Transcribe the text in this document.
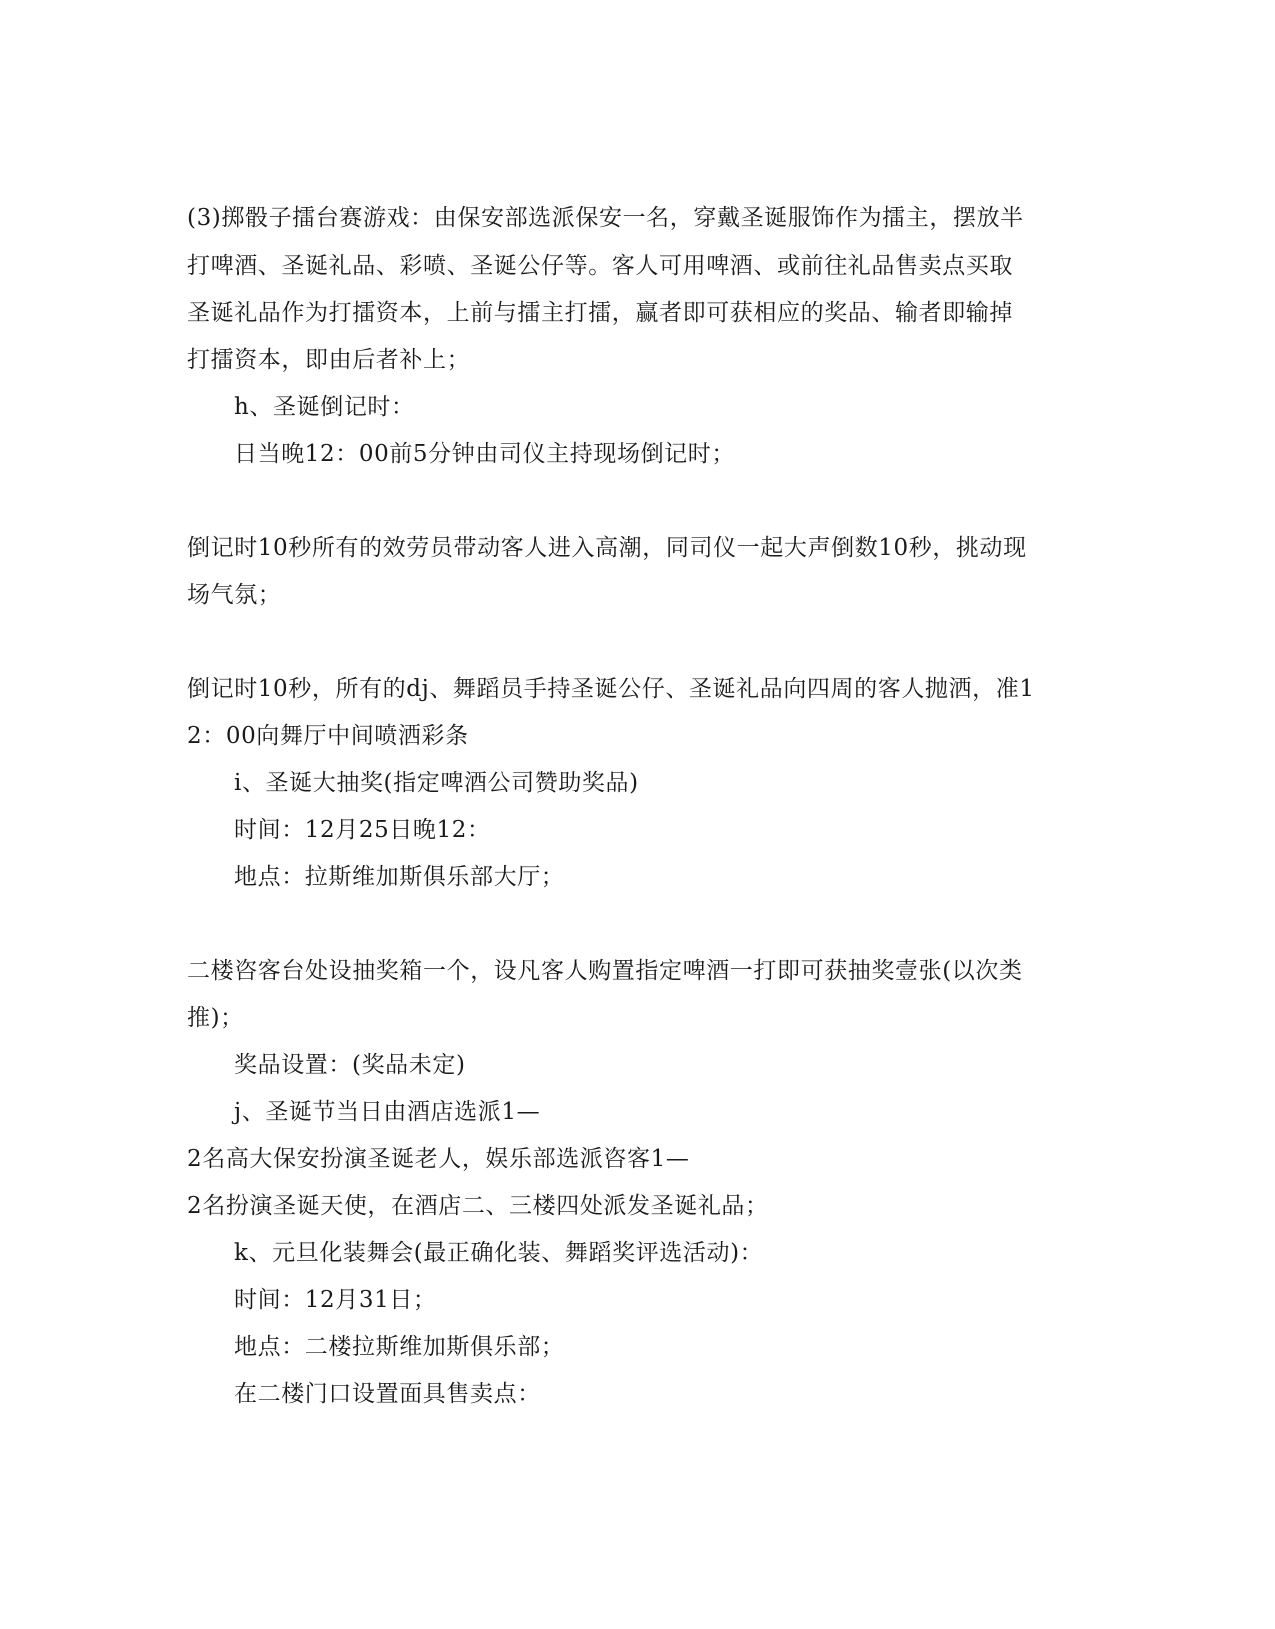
(3)掷骰子擂台赛游戏：由保安部选派保安一名，穿戴圣诞服饰作为擂主，摆放半
打啤酒、圣诞礼品、彩喷、圣诞公仔等。客人可用啤酒、或前往礼品售卖点买取
圣诞礼品作为打擂资本，上前与擂主打擂，赢者即可获相应的奖品、输者即输掉
打擂资本，即由后者补上；
h、圣诞倒记时：
日当晚12：00前5分钟由司仪主持现场倒记时；
倒记时10秒所有的效劳员带动客人进入高潮，同司仪一起大声倒数10秒，挑动现
场气氛；
倒记时10秒，所有的dj、舞蹈员手持圣诞公仔、圣诞礼品向四周的客人抛洒，准1
2：00向舞厅中间喷洒彩条
i、圣诞大抽奖(指定啤酒公司赞助奖品)
时间：12月25日晚12：
地点：拉斯维加斯俱乐部大厅；
二楼咨客台处设抽奖箱一个，设凡客人购置指定啤酒一打即可获抽奖壹张(以次类
推)；
奖品设置：(奖品未定)
j、圣诞节当日由酒店选派1—
2名高大保安扮演圣诞老人，娱乐部选派咨客1—
2名扮演圣诞天使，在酒店二、三楼四处派发圣诞礼品；
k、元旦化装舞会(最正确化装、舞蹈奖评选活动)：
时间：12月31日；
地点：二楼拉斯维加斯俱乐部；
在二楼门口设置面具售卖点：
